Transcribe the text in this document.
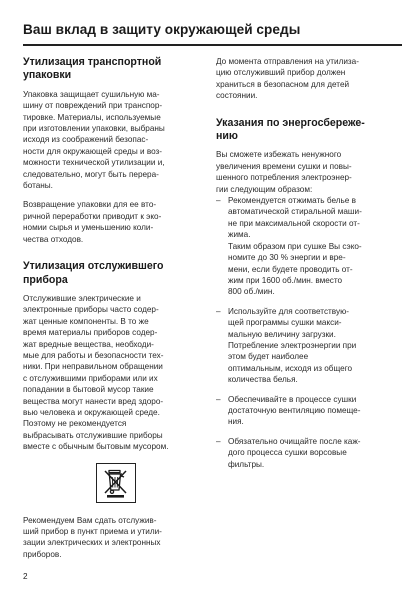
Ваш вклад в защиту окружающей среды
Утилизация транспортной
упаковки

Упаковка защищает сушильную ма-
шину от повреждений при транспор-
тировке. Материалы, используемые
при изготовлении упаковки, выбраны
исходя из соображений безопас-
ности для окружающей среды и воз-
можности технической утилизации и,
следовательно, могут быть перера-
ботаны.

Возвращение упаковки для ее вто-
ричной переработки приводит к эко-
номии сырья и уменьшению коли-
чества отходов.

Утилизация отслужившего
прибора

Отслужившие электрические и
электронные приборы часто содер-
жат ценные компоненты. В то же
время материалы приборов содер-
жат вредные вещества, необходи-
мые для работы и безопасности тех-
ники. При неправильном обращении
с отслужившими приборами или их
попадании в бытовой мусор такие
вещества могут нанести вред здоро-
вью человека и окружающей среде.
Поэтому не рекомендуется
выбрасывать отслужившие приборы
вместе с обычным бытовым мусором.

Рекомендуем Вам сдать отслужив-
ший прибор в пункт приема и утили-
зации электрических и электронных
приборов.

До момента отправления на утилиза-
цию отслуживший прибор должен
храниться в безопасном для детей
состоянии.

Указания по энергосбереже-
нию

Вы сможете избежать ненужного
увеличения времени сушки и повы-
шенного потребления электроэнер-
гии следующим образом:

– Рекомендуется отжимать белье в
автоматической стиральной маши-
не при максимальной скорости от-
жима.
Таким образом при сушке Вы сэко-
номите до 30 % энергии и вре-
мени, если будете проводить от-
жим при 1600 об./мин. вместо
800 об./мин.

– Используйте для соответствую-
щей программы сушки макси-
мальную величину загрузки.
Потребление электроэнергии при
этом будет наиболее
оптимальным, исходя из общего
количества белья.

– Обеспечивайте в процессе сушки
достаточную вентиляцию помеще-
ния.

– Обязательно очищайте после каж-
дого процесса сушки ворсовые
фильтры.

2
